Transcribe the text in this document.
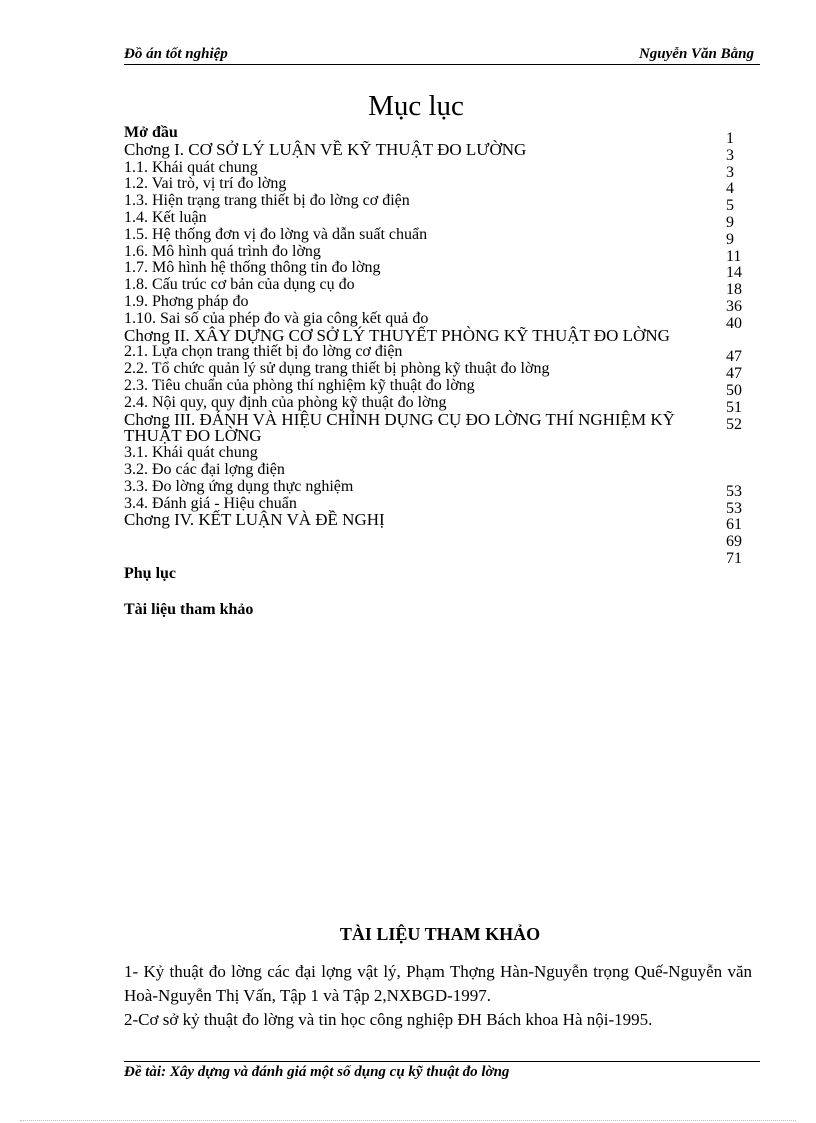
Đồ án tốt nghiệp	Nguyễn Văn Bằng
Mục lục
Mở đầu
Chơng I. CƠ SỞ LÝ LUẬN VỀ KỸ THUẬT ĐO LƯỜNG
1.1. Khái quát chung
1.2. Vai trò, vị trí đo lờng
1.3. Hiện trạng trang thiết bị đo lờng cơ điện
1.4. Kết luận
1.5. Hệ thống đơn vị đo lờng và dẫn suất chuẩn
1.6. Mô hình quá trình đo lờng
1.7. Mô hình hệ thống thông tin đo lờng
1.8. Cấu trúc cơ bản của dụng cụ đo
1.9. Phơng pháp đo
1.10. Sai số của phép đo và gia công kết quả đo
Chơng II. XÂY DỰNG CƠ SỞ LÝ THUYẾT PHÒNG KỸ THUẬT ĐO LỜNG
2.1. Lựa chọn trang thiết bị đo lờng cơ điện
2.2. Tổ chức quản lý sử dụng trang thiết bị phòng kỹ thuật đo lờng
2.3. Tiêu chuẩn của phòng thí nghiệm kỹ thuật đo lờng
2.4. Nội quy, quy định của phòng kỹ thuật đo lờng
Chơng III. ĐÁNH VÀ HIỆU CHỈNH DỤNG CỤ ĐO LỜNG THÍ NGHIỆM KỸ THUẬT ĐO LỜNG
3.1. Khái quát chung
3.2. Đo các đại lợng điện
3.3. Đo lờng ứng dụng thực nghiệm
3.4. Đánh giá - Hiệu chuẩn
Chơng IV. KẾT LUẬN VÀ ĐỀ NGHỊ
1
3
3
4
5
9
9
11
14
18
36
40
47
47
50
51
52
53
53
61
69
71
Phụ lục
Tài liệu tham khảo
TÀI LIỆU THAM KHẢO
1- Kỷ thuật đo lờng các đại lợng vật lý, Phạm Thợng Hàn-Nguyễn trọng Quế-Nguyễn văn Hoà-Nguyễn Thị Vấn, Tập 1 và Tập 2,NXBGD-1997.
2-Cơ sở kỷ thuật đo lờng và tin học công nghiệp ĐH Bách khoa Hà nội-1995.
Đề tài: Xây dựng và đánh giá một số dụng cụ kỹ thuật đo lờng
